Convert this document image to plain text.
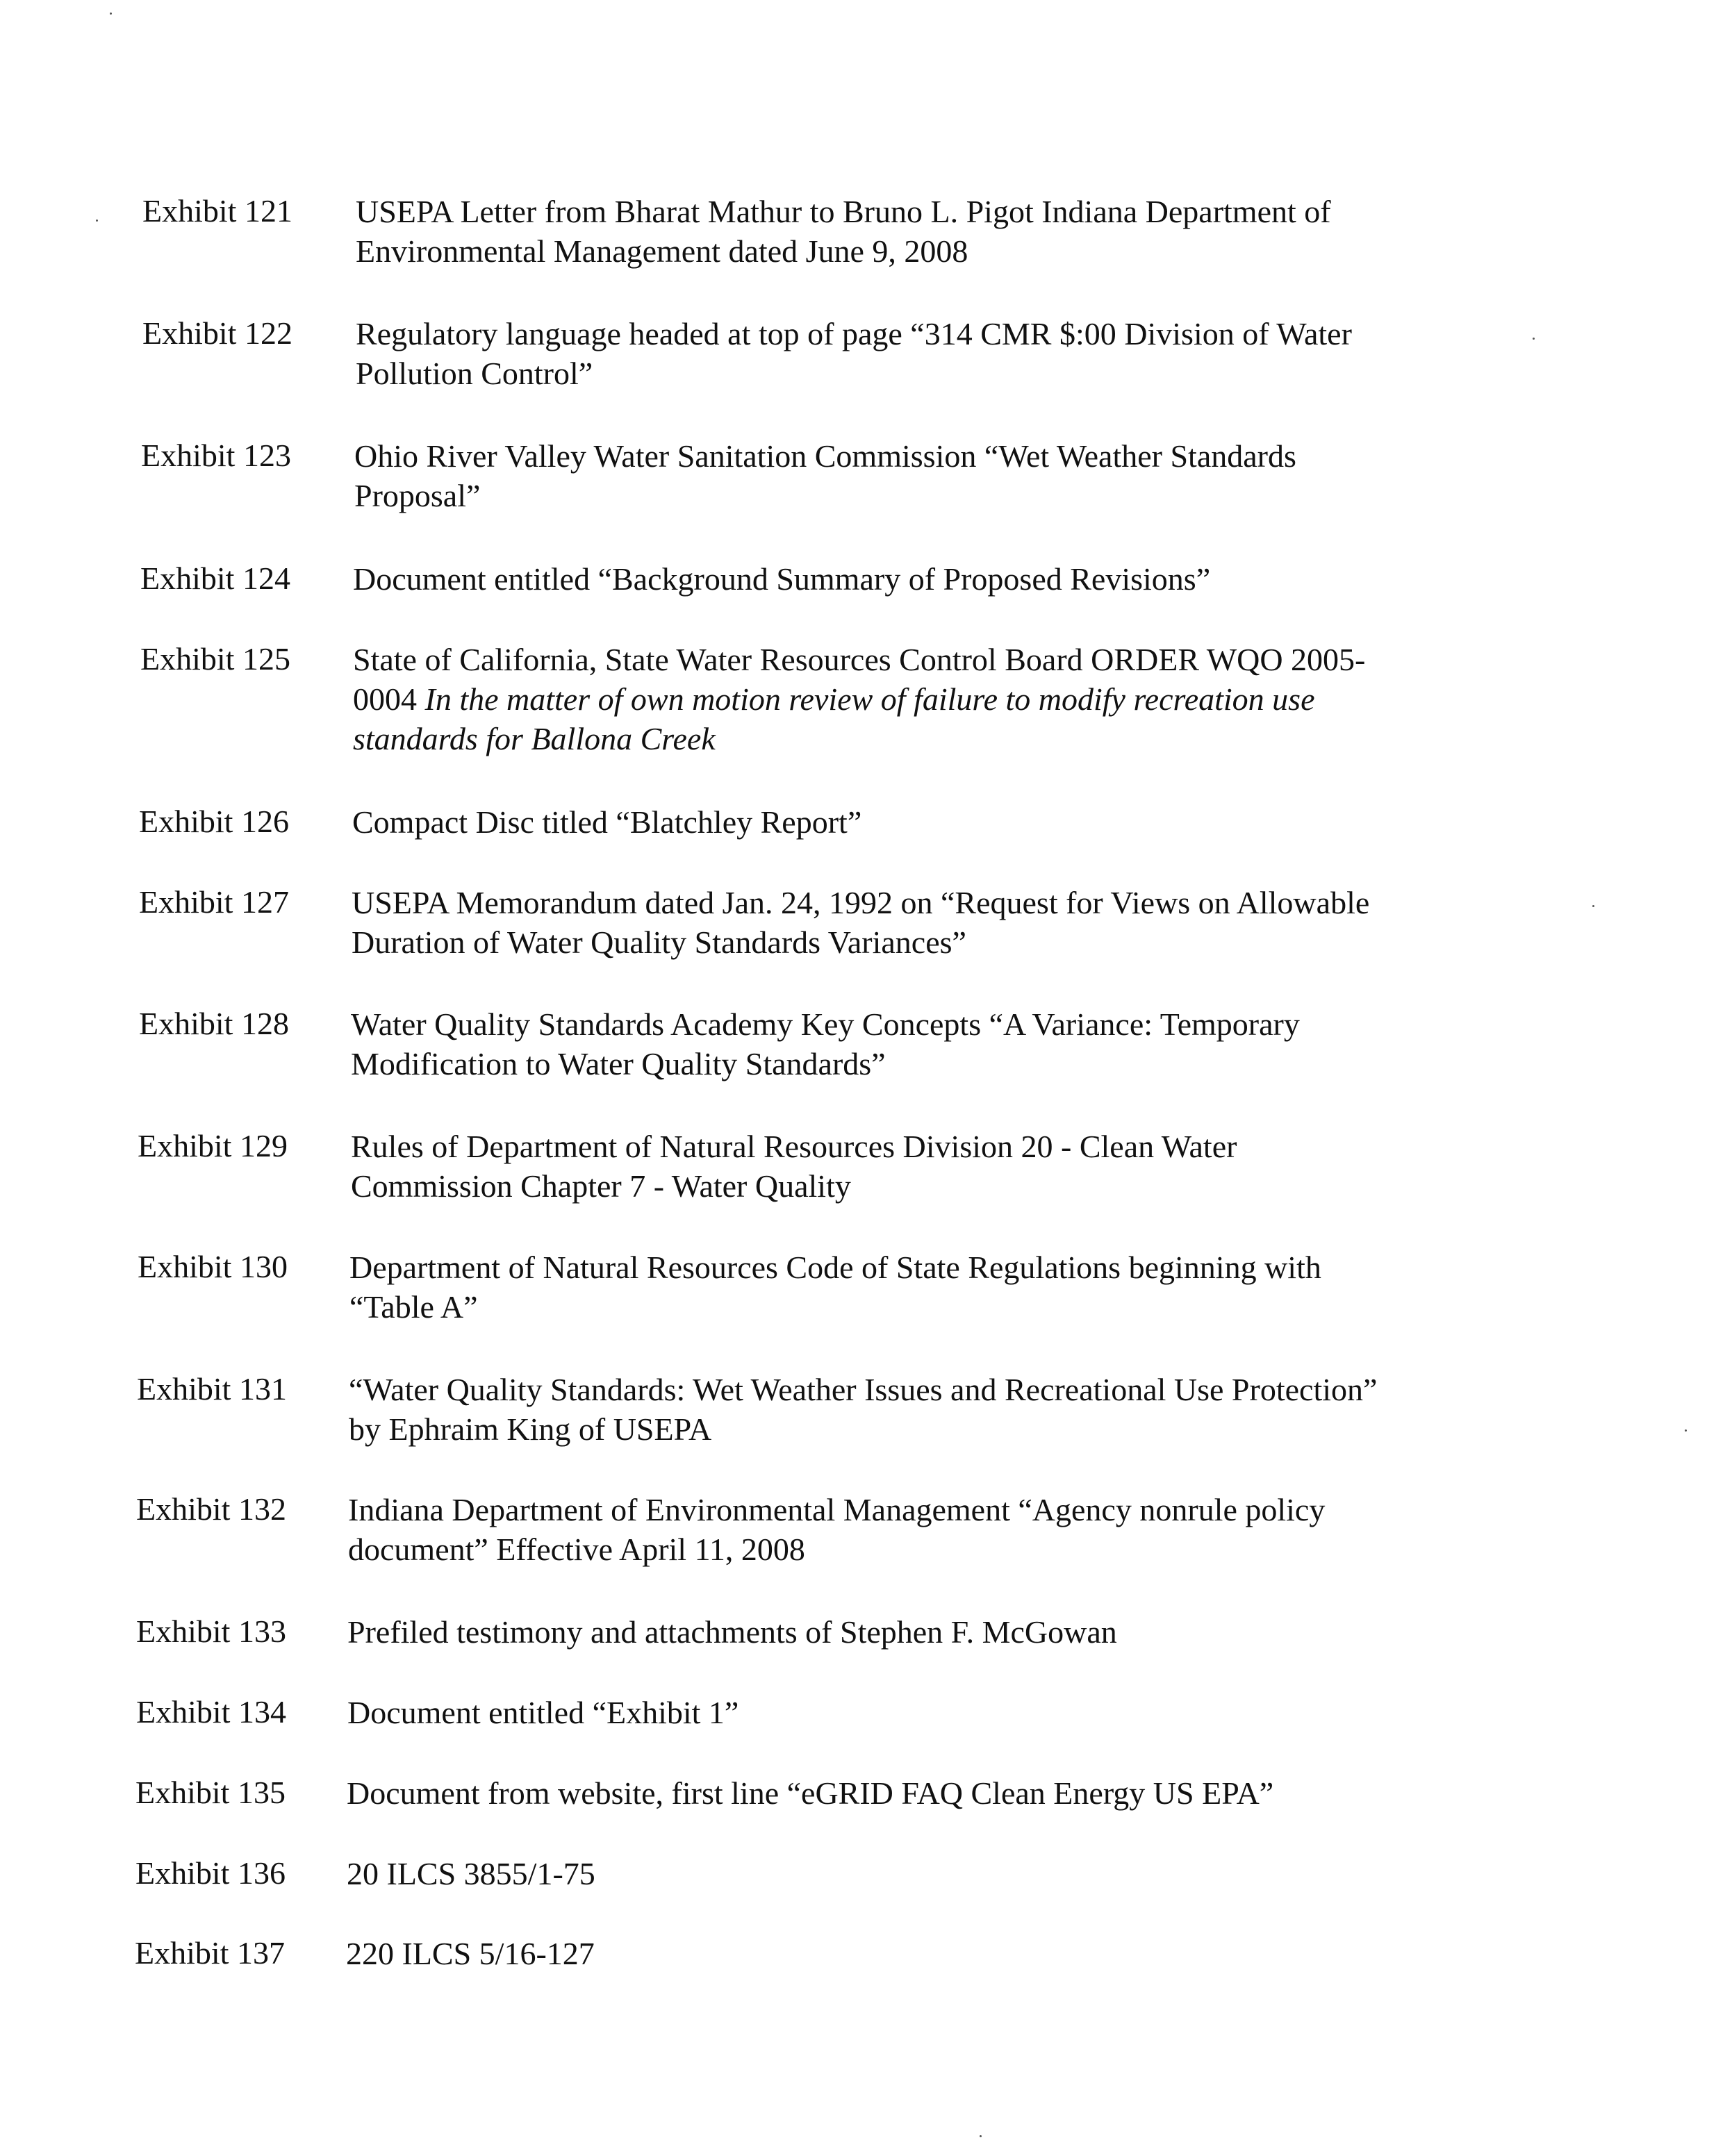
Exhibit 121	USEPA Letter from Bharat Mathur to Bruno L. Pigot Indiana Department of
Environmental Management dated June 9, 2008
Exhibit 122	Regulatory language headed at top of page “314 CMR $:00 Division of Water
Pollution Control”
Exhibit 123	Ohio River Valley Water Sanitation Commission “Wet Weather Standards
Proposal”
Exhibit 124	Document entitled “Background Summary of Proposed Revisions”
Exhibit 125	State of California, State Water Resources Control Board ORDER WQO 2005-
0004 In the matter of own motion review of failure to modify recreation use
standards for Ballona Creek
Exhibit 126	Compact Disc titled “Blatchley Report”
Exhibit 127	USEPA Memorandum dated Jan. 24, 1992 on “Request for Views on Allowable
Duration of Water Quality Standards Variances”
Exhibit 128	Water Quality Standards Academy Key Concepts “A Variance: Temporary
Modification to Water Quality Standards”
Exhibit 129	Rules of Department of Natural Resources Division 20 - Clean Water
Commission Chapter 7 - Water Quality
Exhibit 130	Department of Natural Resources Code of State Regulations beginning with
“Table A”
Exhibit 131	“Water Quality Standards: Wet Weather Issues and Recreational Use Protection”
by Ephraim King of USEPA
Exhibit 132	Indiana Department of Environmental Management “Agency nonrule policy
document” Effective April 11, 2008
Exhibit 133	Prefiled testimony and attachments of Stephen F. McGowan
Exhibit 134	Document entitled “Exhibit 1”
Exhibit 135	Document from website, first line “eGRID FAQ Clean Energy US EPA”
Exhibit 136	20 ILCS 3855/1-75
Exhibit 137	220 ILCS 5/16-127
